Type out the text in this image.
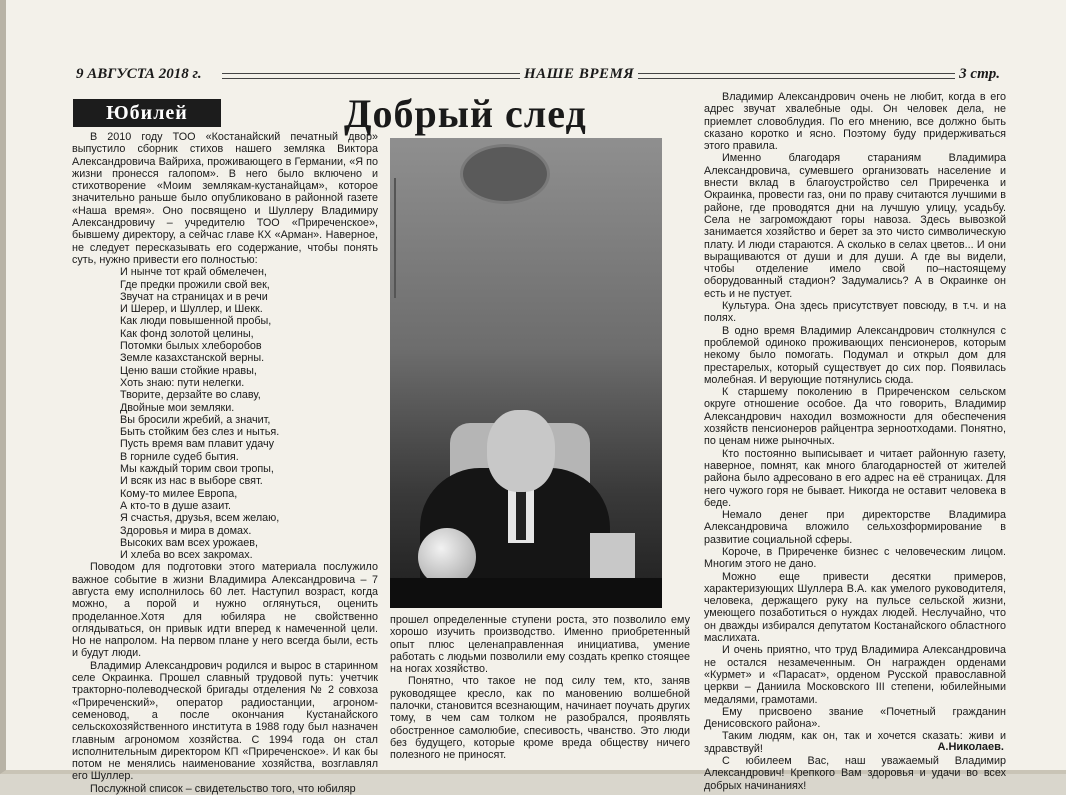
9 АВГУСТА 2018 г.	НАШЕ ВРЕМЯ	3 стр.
Юбилей	Добрый след

В 2010 году ТОО «Костанайский печатный двор» выпустило сборник стихов нашего земляка Виктора Александровича Вайриха, проживающего в Германии, «Я по жизни пронесся галопом». В него было включено и стихотворение «Моим землякам-кустанайцам», которое значительно раньше было опубликовано в районной газете «Наша время». Оно посвящено и Шуллеру Владимиру Александровичу – учредителю ТОО «Приреченское», бывшему директору, а сейчас главе КХ «Арман». Наверное, не следует пересказывать его содержание, чтобы понять суть, нужно привести его полностью:

И нынче тот край обмелечен,
Где предки прожили свой век,
Звучат на страницах и в речи
И Шерер, и Шуллер, и Шекк.
Как люди повышенной пробы,
Как фонд золотой целины,
Потомки былых хлеборобов
Земле казахстанской верны.
Ценю ваши стойкие нравы,
Хоть знаю: пути нелегки.
Творите, дерзайте во славу,
Двойные мои земляки.
Вы бросили жребий, а значит,
Быть стойким без слез и нытья.
Пусть время вам плавит удачу
В горниле судеб бытия.
Мы каждый торим свои тропы,
И всяк из нас в выборе свят.
Кому-то милее Европа,
А кто-то в душе азаит.
Я счастья, друзья, всем желаю,
Здоровья и мира в домах.
Высоких вам всех урожаев,
И хлеба во всех закромах.

Поводом для подготовки этого материала послужило важное событие в жизни Владимира Александровича – 7 августа ему исполнилось 60 лет. Наступил возраст, когда можно, а порой и нужно оглянуться, оценить проделанное.Хотя для юбиляра не свойственно оглядываться, он привык идти вперед к намеченной цели. Но не напролом. На первом плане у него всегда были, есть и будут люди.

Владимир Александрович родился и вырос в старинном селе Окраинка. Прошел славный трудовой путь: учетчик тракторно-полеводческой бригады отделения № 2 совхоза «Приреченский», оператор радиостанции, агроном-семеновод, а после окончания Кустанайского сельскохозяйственного института в 1988 году был назначен главным агрономом хозяйства. С 1994 года он стал исполнительным директором КП «Приреченское». И как бы потом не менялись наименование хозяйства, возглавлял его Шуллер.

Послужной список – свидетельство того, что юбиляр

прошел определенные ступени роста, это позволило ему хорошо изучить производство. Именно приобретенный опыт плюс целенаправленная инициатива, умение работать с людьми позволили ему создать крепко стоящее на ногах хозяйство.

Понятно, что такое не под силу тем, кто, заняв руководящее кресло, как по мановению волшебной палочки, становится всезнающим, начинает поучать других тому, в чем сам толком не разобрался, проявлять обостренное самолюбие, спесивость, чванство. Это люди без будущего, которые кроме вреда обществу ничего полезного не приносят.

Владимир Александрович очень не любит, когда в его адрес звучат хвалебные оды. Он человек дела, не приемлет словоблудия. По его мнению, все должно быть сказано коротко и ясно. Поэтому буду придерживаться этого правила.

Именно благодаря стараниям Владимира Александровича, сумевшего организовать население и внести вклад в благоустройство сел Приреченка и Окраинка, провести газ, они по праву считаются лучшими в районе, где проводятся дни на лучшую улицу, усадьбу. Села не загромождают горы навоза. Здесь вывозкой занимается хозяйство и берет за это чисто символическую плату. И люди стараются. А сколько в селах цветов... И они выращиваются от души и для души. А где вы видели, чтобы отделение имело свой по–настоящему оборудованный стадион? Задумались? А в Окраинке он есть и не пустует.

Культура. Она здесь присутствует повсюду, в т.ч. и на полях.

В одно время Владимир Александрович столкнулся с проблемой одиноко проживающих пенсионеров, которым некому было помогать. Подумал и открыл дом для престарелых, который существует до сих пор. Появилась молебная. И верующие потянулись сюда.

К старшему поколению в Приреченском сельском округе отношение особое. Да что говорить, Владимир Александрович находил возможности для обеспечения хозяйств пенсионеров райцентра зерноотходами. Понятно, по ценам ниже рыночных.

Кто постоянно выписывает и читает районную газету, наверное, помнят, как много благодарностей от жителей района было адресовано в его адрес на её страницах. Для него чужого горя не бывает. Никогда не оставит человека в беде.

Немало денег при директорстве Владимира Александровича вложило сельхозформирование в развитие социальной сферы.

Короче, в Приреченке бизнес с человеческим лицом. Многим этого не дано.

Можно еще привести десятки примеров, характеризующих Шуллера В.А. как умелого руководителя, человека, держащего руку на пульсе сельской жизни, умеющего позаботиться о нуждах людей. Неслучайно, что он дважды избирался депутатом Костанайского областного маслихата.

И очень приятно, что труд Владимира Александровича не остался незамеченным. Он награжден орденами «Курмет» и «Парасат», орденом Русской православной церкви – Даниила Московского III степени, юбилейными медалями, грамотами.

Ему присвоено звание «Почетный гражданин Денисовского района».

Таким людям, как он, так и хочется сказать: живи и здравствуй!

С юбилеем Вас, наш уважаемый Владимир Александрович! Крепкого Вам здоровья и удачи во всех добрых начинаниях!

А.Николаев.
